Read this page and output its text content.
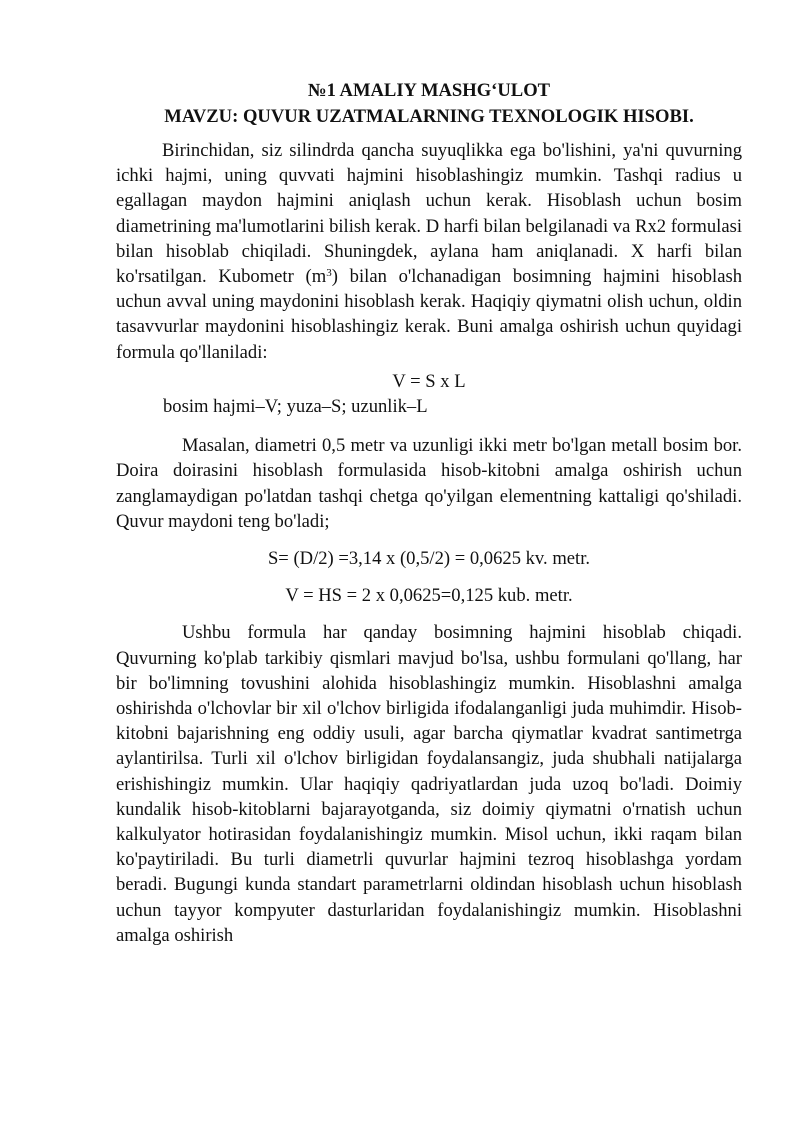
№1 AMALIY MASHG‘ULOT

MAVZU: QUVUR UZATMALARNING TEXNOLOGIK HISOBI.

Birinchidan, siz silindrda qancha suyuqlikka ega bo'lishini, ya'ni quvurning ichki hajmi, uning quvvati hajmini hisoblashingiz mumkin. Tashqi radius u egallagan maydon hajmini aniqlash uchun kerak. Hisoblash uchun bosim diametrining ma'lumotlarini bilish kerak. D harfi bilan belgilanadi va Rx2 formulasi bilan hisoblab chiqiladi. Shuningdek, aylana ham aniqlanadi. X harfi bilan ko'rsatilgan. Kubometr $(m^3)$ bilan o'lchanadigan bosimning hajmini hisoblash uchun avval uning maydonini hisoblash kerak. Haqiqiy qiymatni olish uchun, oldin tasavvurlar maydonini hisoblashingiz kerak. Buni amalga oshirish uchun quyidagi formula qo'llaniladi:

V = S x L

bosim hajmi–V; yuza–S; uzunlik–L

Masalan, diametri 0,5 metr va uzunligi ikki metr bo'lgan metall bosim bor. Doira doirasini hisoblash formulasida hisob-kitobni amalga oshirish uchun zanglamaydigan po'latdan tashqi chetga qo'yilgan elementning kattaligi qo'shiladi. Quvur maydoni teng bo'ladi;

S= (D/2) =3,14 x (0,5/2) = 0,0625 kv. metr.

V = HS = 2 x 0,0625=0,125 kub. metr.

Ushbu formula har qanday bosimning hajmini hisoblab chiqadi. Quvurning ko'plab tarkibiy qismlari mavjud bo'lsa, ushbu formulani qo'llang, har bir bo'limning tovushini alohida hisoblashingiz mumkin. Hisoblashni amalga oshirishda o'lchovlar bir xil o'lchov birligida ifodalanganligi juda muhimdir. Hisob-kitobni bajarishning eng oddiy usuli, agar barcha qiymatlar kvadrat santimetrga aylantirilsa. Turli xil o'lchov birligidan foydalansangiz, juda shubhali natijalarga erishishingiz mumkin. Ular haqiqiy qadriyatlardan juda uzoq bo'ladi. Doimiy kundalik hisob-kitoblarni bajarayotganda, siz doimiy qiymatni o'rnatish uchun kalkulyator hotirasidan foydalanishingiz mumkin. Misol uchun, ikki raqam bilan ko'paytiriladi. Bu turli diametrli quvurlar hajmini tezroq hisoblashga yordam beradi. Bugungi kunda standart parametrlarni oldindan hisoblash uchun hisoblash uchun tayyor kompyuter dasturlaridan foydalanishingiz mumkin. Hisoblashni amalga oshirish
